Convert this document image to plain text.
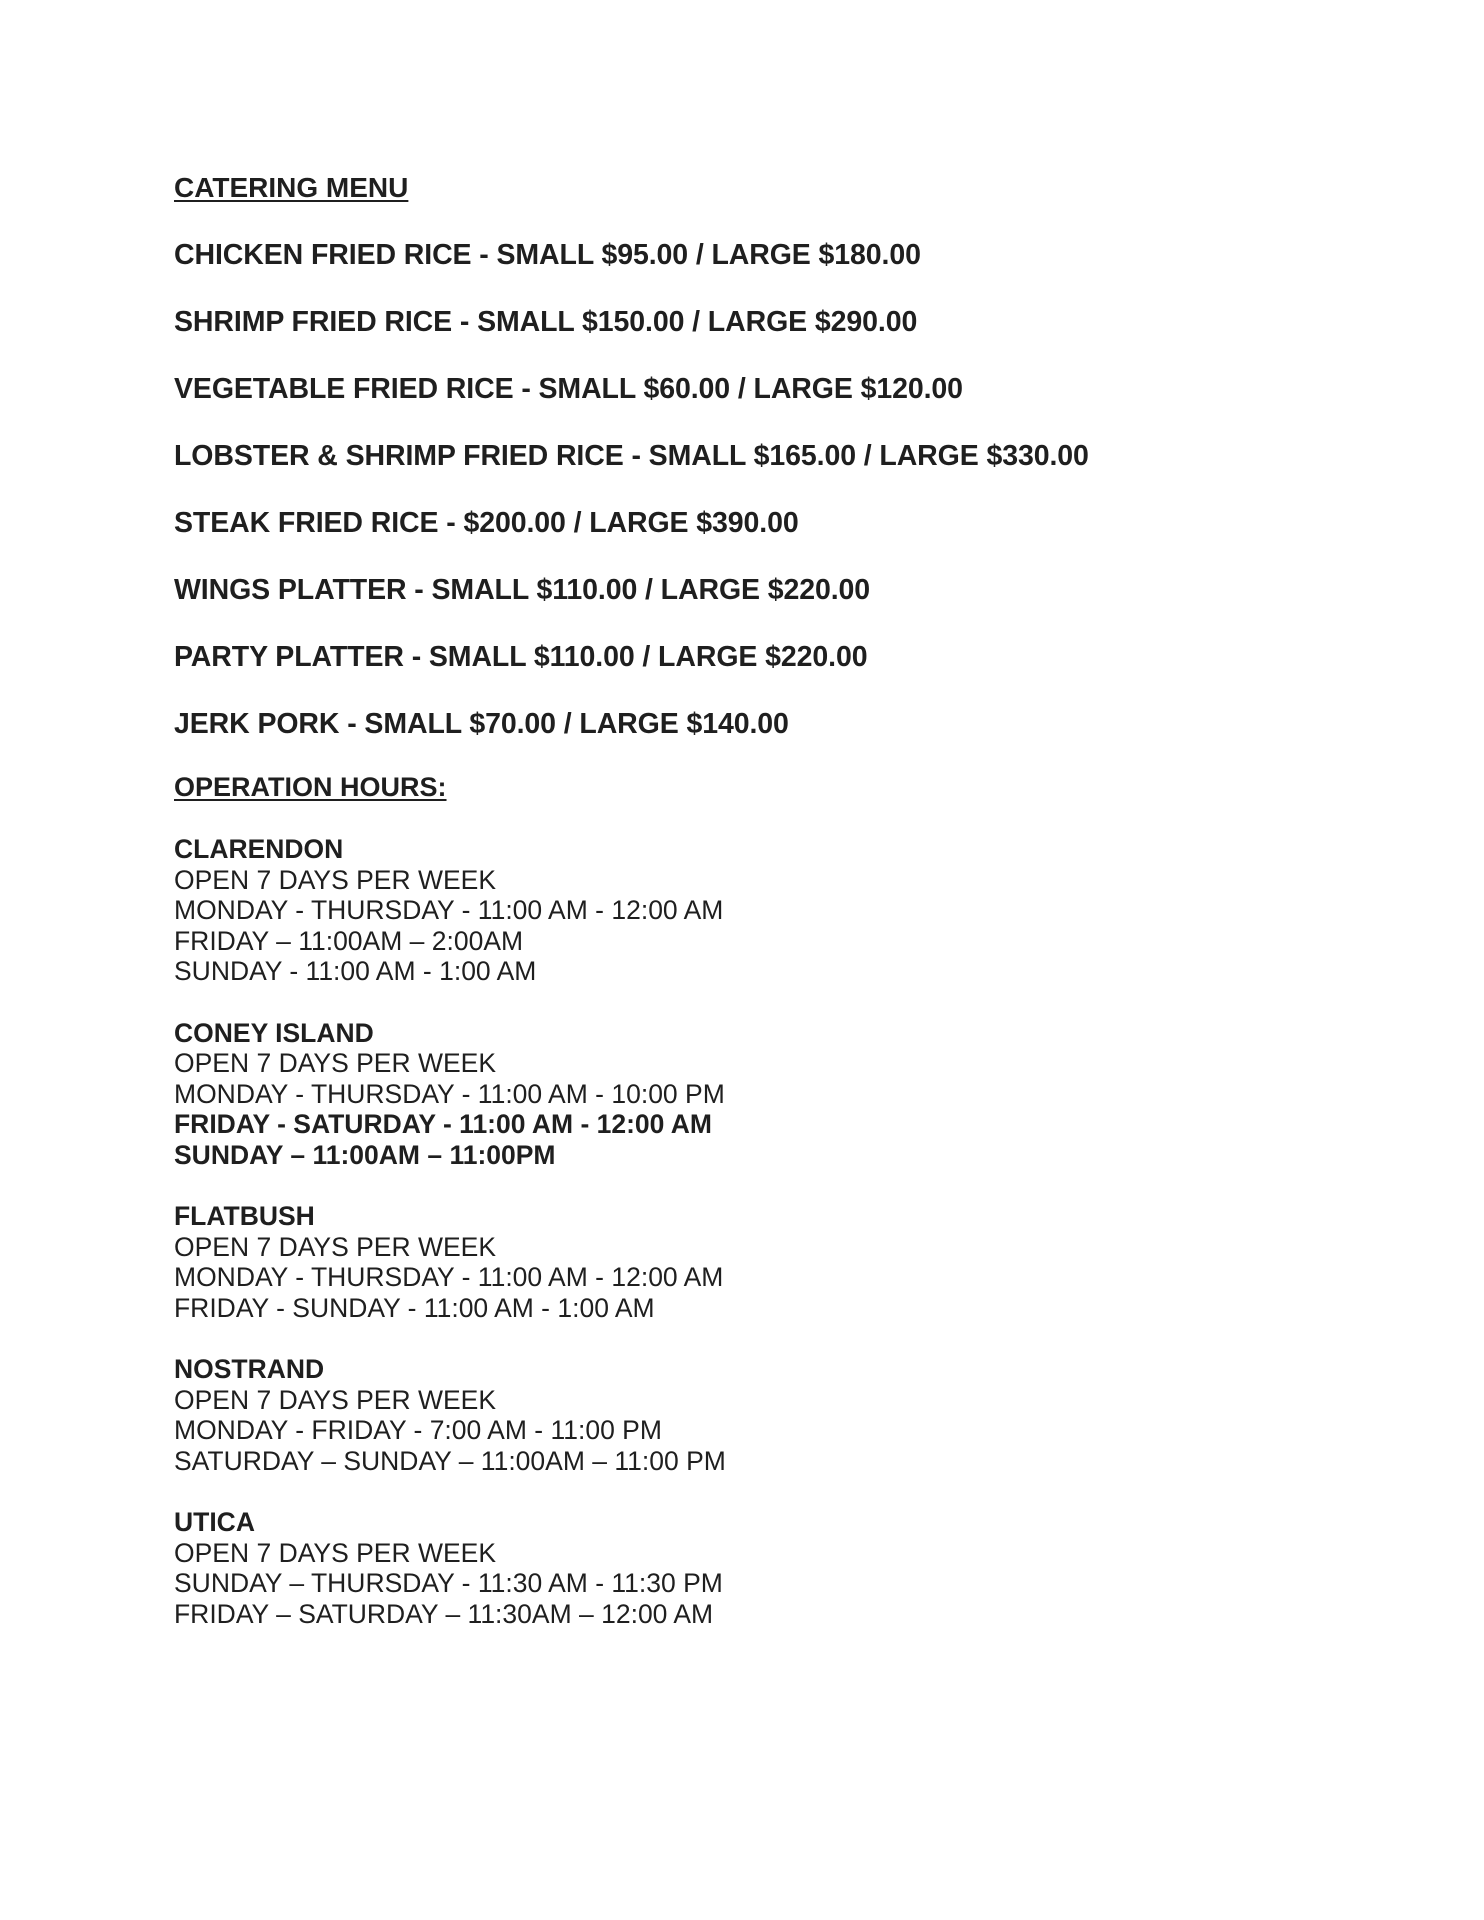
CATERING MENU
CHICKEN FRIED RICE - SMALL $95.00 / LARGE $180.00
SHRIMP FRIED RICE - SMALL $150.00 / LARGE $290.00
VEGETABLE FRIED RICE - SMALL $60.00 / LARGE $120.00
LOBSTER & SHRIMP FRIED RICE - SMALL $165.00 / LARGE $330.00
STEAK FRIED RICE - $200.00 / LARGE $390.00
WINGS PLATTER - SMALL $110.00 / LARGE $220.00
PARTY PLATTER - SMALL $110.00 / LARGE $220.00
JERK PORK - SMALL $70.00 / LARGE $140.00
OPERATION HOURS:
CLARENDON
OPEN 7 DAYS PER WEEK
MONDAY - THURSDAY - 11:00 AM - 12:00 AM
FRIDAY – 11:00AM – 2:00AM
SUNDAY - 11:00 AM - 1:00 AM
CONEY ISLAND
OPEN 7 DAYS PER WEEK
MONDAY - THURSDAY - 11:00 AM - 10:00 PM
FRIDAY - SATURDAY - 11:00 AM - 12:00 AM
SUNDAY – 11:00AM – 11:00PM
FLATBUSH
OPEN 7 DAYS PER WEEK
MONDAY - THURSDAY - 11:00 AM - 12:00 AM
FRIDAY - SUNDAY - 11:00 AM - 1:00 AM
NOSTRAND
OPEN 7 DAYS PER WEEK
MONDAY - FRIDAY - 7:00 AM - 11:00 PM
SATURDAY – SUNDAY – 11:00AM – 11:00 PM
UTICA
OPEN 7 DAYS PER WEEK
SUNDAY – THURSDAY - 11:30 AM - 11:30 PM
FRIDAY – SATURDAY – 11:30AM – 12:00 AM
